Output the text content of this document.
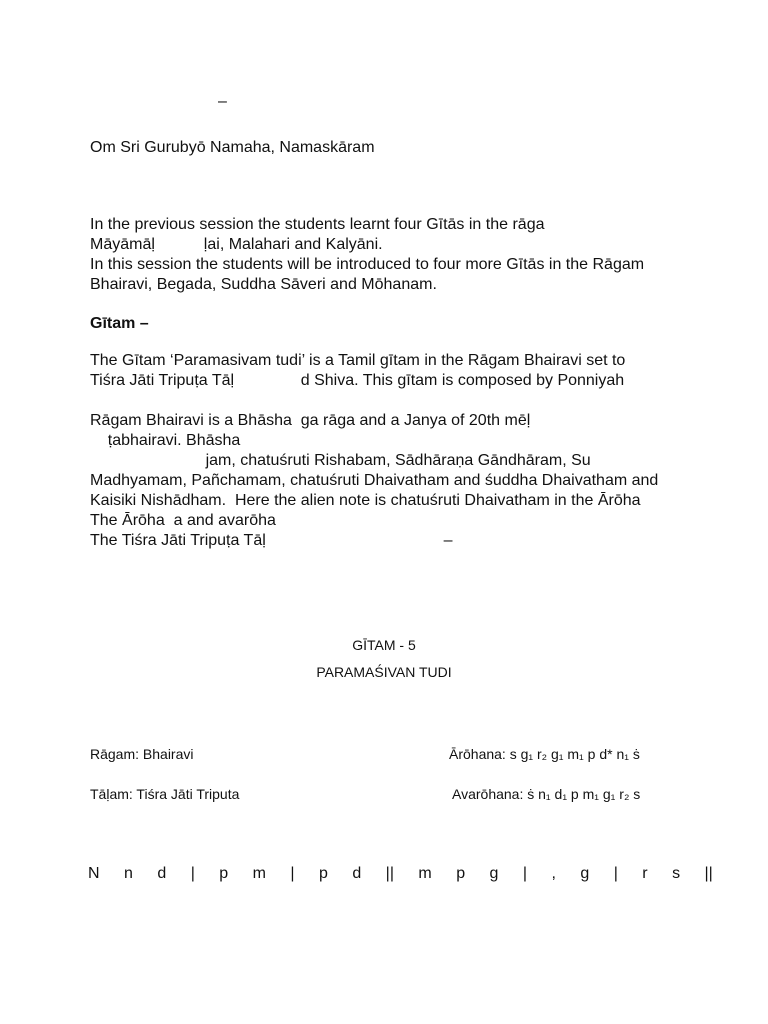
–
Om Sri Gurubyō Namaha, Namaskāram
In the previous session the students learnt four Gītās in the rāga
Māyāmāḷ           ḷai, Malahari and Kalyāni.
In this session the students will be introduced to four more Gītās in the Rāgam
Bhairavi, Begada, Suddha Sāveri and Mōhanam.
Gītam –
The Gītam ‘Paramasivam tudi’ is a Tamil gītam in the Rāgam Bhairavi set to
Tiśra Jāti Tripuṭa Tāḷ               d Shiva. This gītam is composed by Ponniyah
Rāgam Bhairavi is a Bhāsha  ga rāga and a Janya of 20th mēḷ
ṭabhairavi. Bhāsha
jam, chatuśruti Rishabam, Sādhāraṇa Gāndhāram, Su
Madhyamam, Pañchamam, chatuśruti Dhaivatham and śuddha Dhaivatham and
Kaisiki Nishādham.  Here the alien note is chatuśruti Dhaivatham in the Ārōha
The Ārōha  a and avarōha
The Tiśra Jāti Tripuṭa Tāḷ                                        –
GĪTAM - 5
PARAMAŚIVAN TUDI
Rāgam: Bhairavi	Ārōhana: s g₁ r₂ g₁ m₁ p d* n₁ ṡ
Tāḷam: Tiśra Jāti Triputa	Avarōhana: ṡ n₁ d₁ p m₁ g₁ r₂ s
N n d | p m | p d || m p g | , g | r s ||
